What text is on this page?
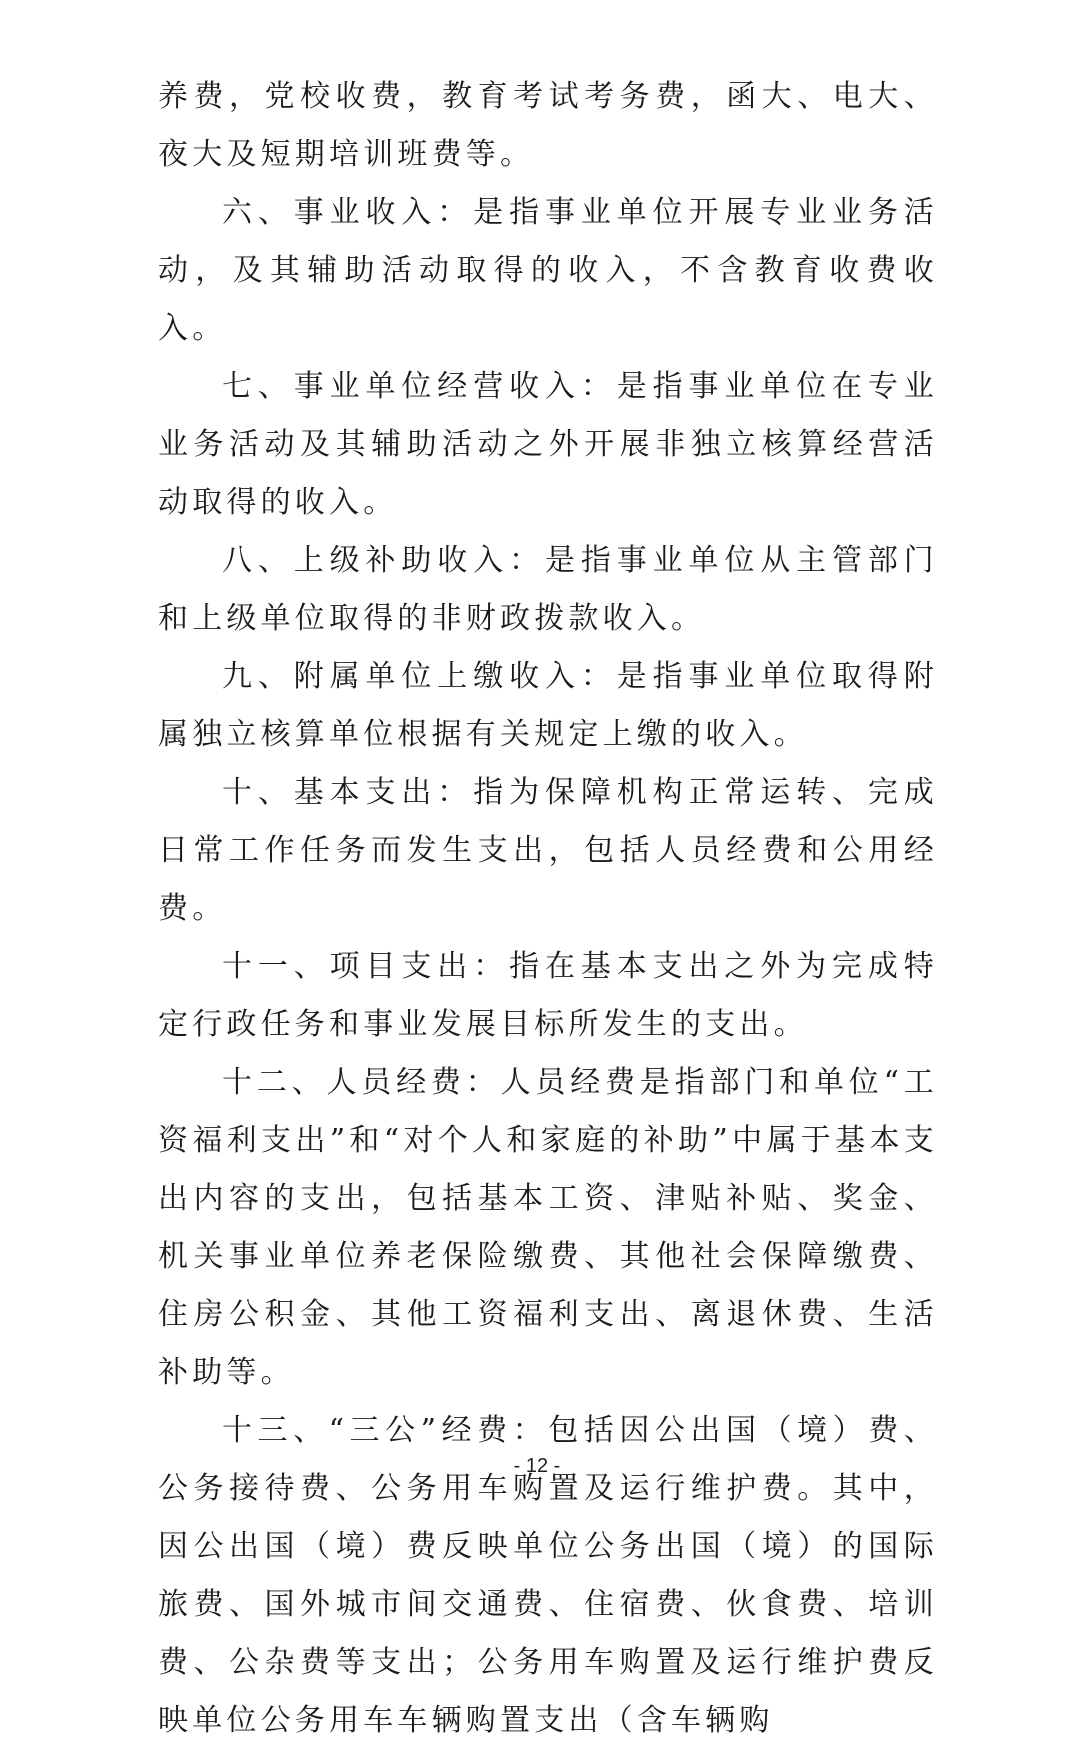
养费，党校收费，教育考试考务费，函大、电大、夜大及短期培训班费等。

六、事业收入：是指事业单位开展专业业务活动，及其辅助活动取得的收入，不含教育收费收入。

七、事业单位经营收入：是指事业单位在专业业务活动及其辅助活动之外开展非独立核算经营活动取得的收入。

八、上级补助收入：是指事业单位从主管部门和上级单位取得的非财政拨款收入。

九、附属单位上缴收入：是指事业单位取得附属独立核算单位根据有关规定上缴的收入。

十、基本支出：指为保障机构正常运转、完成日常工作任务而发生支出，包括人员经费和公用经费。

十一、项目支出：指在基本支出之外为完成特定行政任务和事业发展目标所发生的支出。

十二、人员经费：人员经费是指部门和单位“工资福利支出”和“对个人和家庭的补助”中属于基本支出内容的支出，包括基本工资、津贴补贴、奖金、机关事业单位养老保险缴费、其他社会保障缴费、住房公积金、其他工资福利支出、离退休费、生活补助等。

十三、“三公”经费：包括因公出国（境）费、公务接待费、公务用车购置及运行维护费。其中，因公出国（境）费反映单位公务出国（境）的国际旅费、国外城市间交通费、住宿费、伙食费、培训费、公杂费等支出；公务用车购置及运行维护费反映单位公务用车车辆购置支出（含车辆购

- 12 -
